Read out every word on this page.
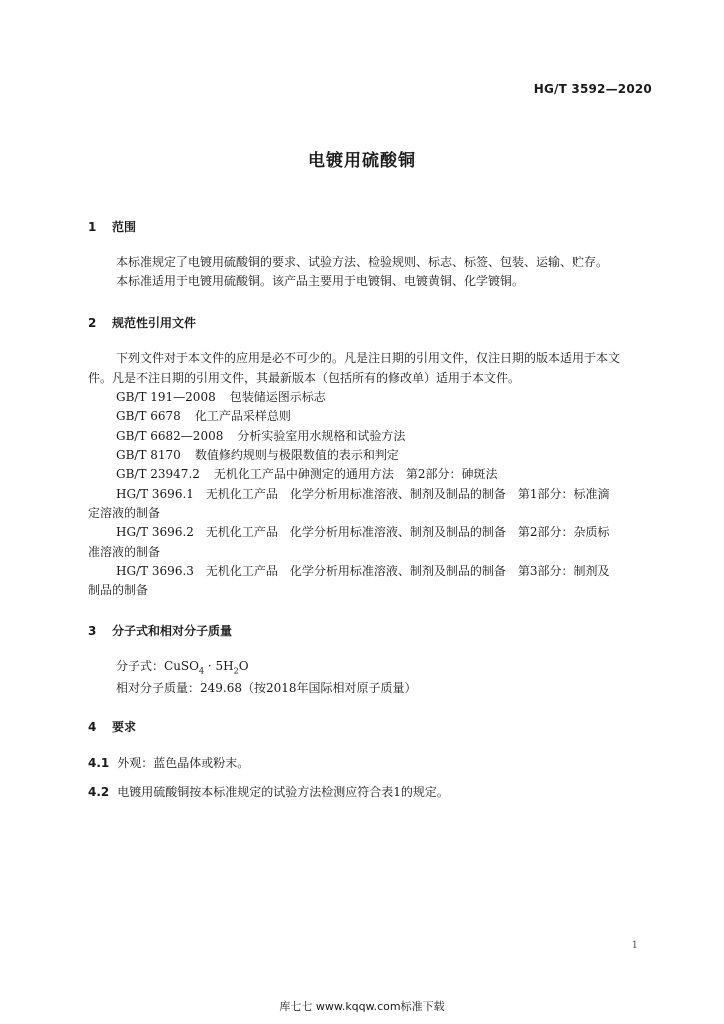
HG/T 3592—2020
电镀用硫酸铜
1 范围
本标准规定了电镀用硫酸铜的要求、试验方法、检验规则、标志、标签、包装、运输、贮存。
本标准适用于电镀用硫酸铜。该产品主要用于电镀铜、电镀黄铜、化学镀铜。
2 规范性引用文件
下列文件对于本文件的应用是必不可少的。凡是注日期的引用文件，仅注日期的版本适用于本文
件。凡是不注日期的引用文件，其最新版本（包括所有的修改单）适用于本文件。
GB/T 191—2008 包装储运图示标志
GB/T 6678 化工产品采样总则
GB/T 6682—2008 分析实验室用水规格和试验方法
GB/T 8170 数值修约规则与极限数值的表示和判定
GB/T 23947.2 无机化工产品中砷测定的通用方法　第2部分：砷斑法
HG/T 3696.1　无机化工产品　化学分析用标准溶液、制剂及制品的制备　第1部分：标准滴
定溶液的制备
HG/T 3696.2　无机化工产品　化学分析用标准溶液、制剂及制品的制备　第2部分：杂质标
准溶液的制备
HG/T 3696.3　无机化工产品　化学分析用标准溶液、制剂及制品的制备　第3部分：制剂及
制品的制备
3 分子式和相对分子质量
分子式：CuSO$_4$ · $5H_2O$
相对分子质量：249.68（按2018年国际相对原子质量）
4 要求
4.1 外观：蓝色晶体或粉末。
4.2 电镀用硫酸铜按本标准规定的试验方法检测应符合表1的规定。
1
库七七 www.kqqw.com标准下载
